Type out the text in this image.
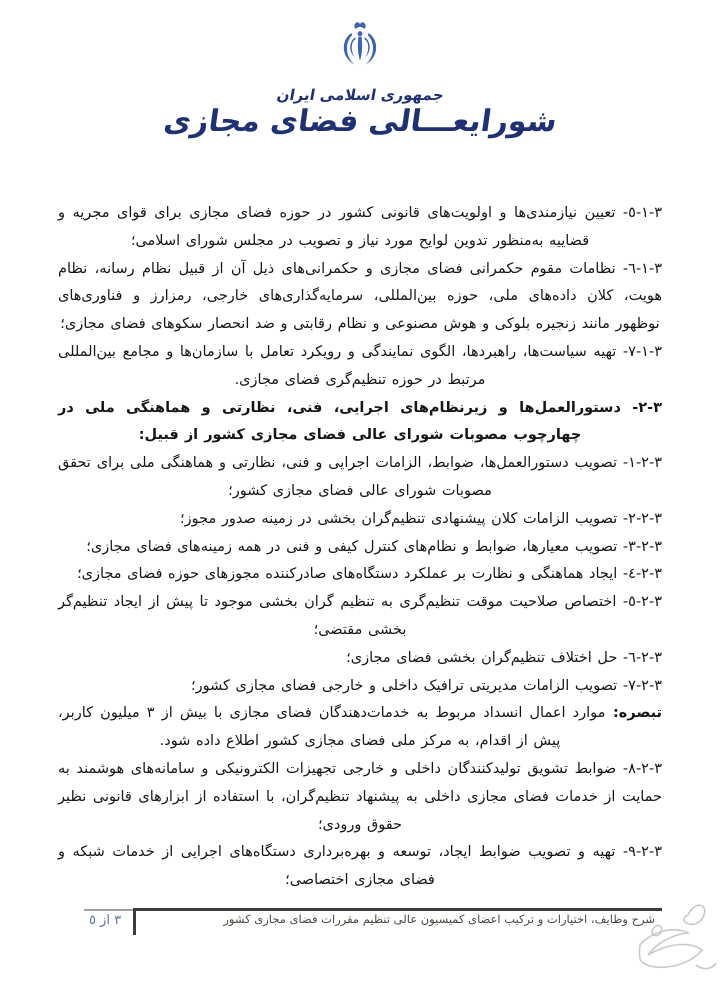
جمهوری اسلامی ایران
شورایعـــالی فضای مجازی

٣-١-٥- تعیین نیازمندی‌ها و اولویت‌های قانونی کشور در حوزه فضای مجازی برای قوای مجریه و قضاییه به‌منظور تدوین لوایح مورد نیاز و تصویب در مجلس شورای اسلامی؛

٣-١-٦- نظامات مقوم حکمرانی فضای مجازی و حکمرانی‌های ذیل آن از قبیل نظام رسانه، نظام هویت، کلان داده‌های ملی، حوزه بین‌المللی، سرمایه‌گذاری‌های خارجی، رمزارز و فناوری‌های نوظهور مانند زنجیره بلوکی و هوش مصنوعی و نظام رقابتی و ضد انحصار سکوهای فضای مجازی؛

٣-١-٧- تهیه سیاست‌ها، راهبردها، الگوی نمایندگی و رویکرد تعامل با سازمان‌ها و مجامع بین‌المللی مرتبط در حوزه تنظیم‌گری فضای مجازی.

٣-٢- دستورالعمل‌ها و زیرنظام‌های اجرایی، فنی، نظارتی و هماهنگی ملی در چهارچوب مصوبات شورای عالی فضای مجازی کشور از قبیل:

٣-٢-١- تصویب دستورالعمل‌ها، ضوابط، الزامات اجرایی و فنی، نظارتی و هماهنگی ملی برای تحقق مصوبات شورای عالی فضای مجازی کشور؛

٣-٢-٢- تصویب الزامات کلان پیشنهادی تنظیم‌گران بخشی در زمینه صدور مجوز؛

٣-٢-٣- تصویب معیارها، ضوابط و نظام‌های کنترل کیفی و فنی در همه زمینه‌های فضای مجازی؛

٣-٢-٤- ایجاد هماهنگی و نظارت بر عملکرد دستگاه‌های صادرکننده مجوزهای حوزه فضای مجازی؛

٣-٢-٥- اختصاص صلاحیت موقت تنظیم‌گری به تنظیم گران بخشی موجود تا پیش از ایجاد تنظیم‌گر بخشی مقتضی؛

٣-٢-٦- حل اختلاف تنظیم‌گران بخشی فضای مجازی؛

٣-٢-٧- تصویب الزامات مدیریتی ترافیک داخلی و خارجی فضای مجازی کشور؛

تبصره: موارد اعمال انسداد مربوط به خدمات‌دهندگان فضای مجازی با بیش از ٣ میلیون کاربر، پیش از اقدام، به مرکز ملی فضای مجازی کشور اطلاع داده شود.

٣-٢-٨- ضوابط تشویق تولیدکنندگان داخلی و خارجی تجهیزات الکترونیکی و سامانه‌های هوشمند به حمایت از خدمات فضای مجازی داخلی به پیشنهاد تنظیم‌گران، با استفاده از ابزارهای قانونی نظیر حقوق ورودی؛

٣-٢-٩- تهیه و تصویب ضوابط ایجاد، توسعه و بهره‌برداری دستگاه‌های اجرایی از خدمات شبکه و فضای مجازی اختصاصی؛

٣ از ٥	شرح وظایف، اختیارات و ترکیب اعضای کمیسیون عالی تنظیم مقررات فضای مجازی کشور
